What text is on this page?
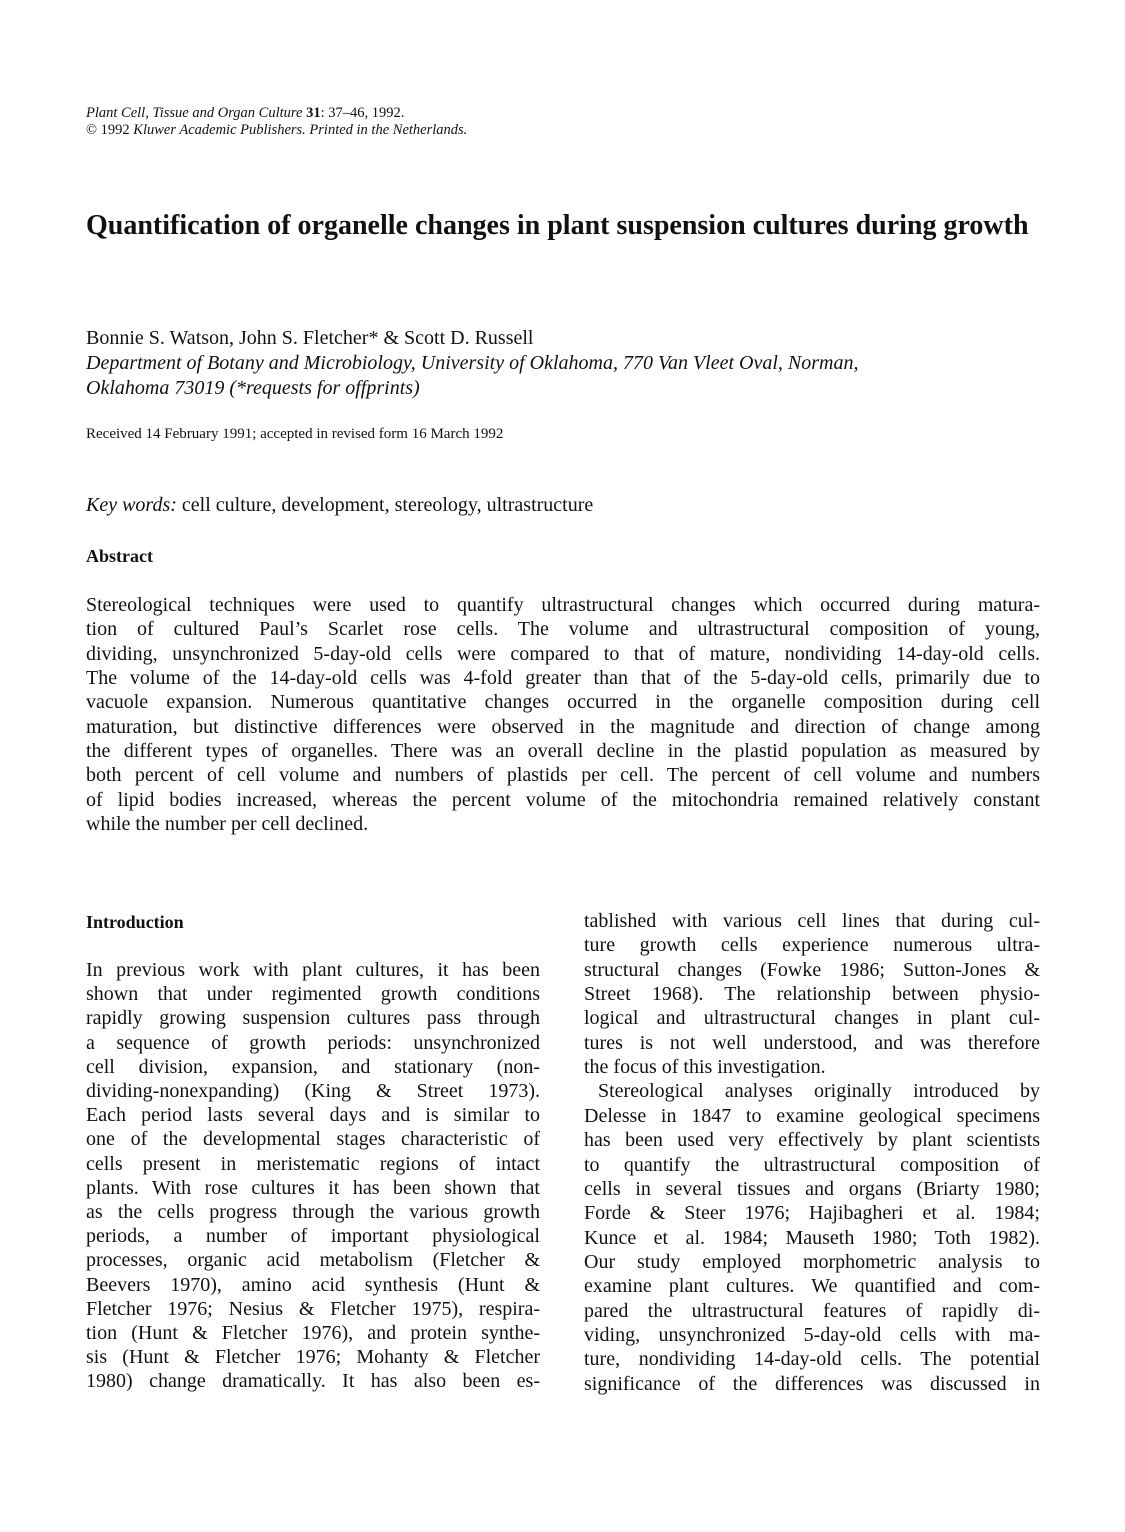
Plant Cell, Tissue and Organ Culture 31: 37–46, 1992.
© 1992 Kluwer Academic Publishers. Printed in the Netherlands.
Quantification of organelle changes in plant suspension cultures during growth
Bonnie S. Watson, John S. Fletcher* & Scott D. Russell
Department of Botany and Microbiology, University of Oklahoma, 770 Van Vleet Oval, Norman,
Oklahoma 73019 (*requests for offprints)
Received 14 February 1991; accepted in revised form 16 March 1992
Key words: cell culture, development, stereology, ultrastructure
Abstract
Stereological techniques were used to quantify ultrastructural changes which occurred during matura-
tion of cultured Paul’s Scarlet rose cells. The volume and ultrastructural composition of young,
dividing, unsynchronized 5-day-old cells were compared to that of mature, nondividing 14-day-old cells.
The volume of the 14-day-old cells was 4-fold greater than that of the 5-day-old cells, primarily due to
vacuole expansion. Numerous quantitative changes occurred in the organelle composition during cell
maturation, but distinctive differences were observed in the magnitude and direction of change among
the different types of organelles. There was an overall decline in the plastid population as measured by
both percent of cell volume and numbers of plastids per cell. The percent of cell volume and numbers
of lipid bodies increased, whereas the percent volume of the mitochondria remained relatively constant
while the number per cell declined.
Introduction
In previous work with plant cultures, it has been
shown that under regimented growth conditions
rapidly growing suspension cultures pass through
a sequence of growth periods: unsynchronized
cell division, expansion, and stationary (non-
dividing-nonexpanding) (King & Street 1973).
Each period lasts several days and is similar to
one of the developmental stages characteristic of
cells present in meristematic regions of intact
plants. With rose cultures it has been shown that
as the cells progress through the various growth
periods, a number of important physiological
processes, organic acid metabolism (Fletcher &
Beevers 1970), amino acid synthesis (Hunt &
Fletcher 1976; Nesius & Fletcher 1975), respira-
tion (Hunt & Fletcher 1976), and protein synthe-
sis (Hunt & Fletcher 1976; Mohanty & Fletcher
1980) change dramatically. It has also been es-
tablished with various cell lines that during cul-
ture growth cells experience numerous ultra-
structural changes (Fowke 1986; Sutton-Jones &
Street 1968). The relationship between physio-
logical and ultrastructural changes in plant cul-
tures is not well understood, and was therefore
the focus of this investigation.
Stereological analyses originally introduced by
Delesse in 1847 to examine geological specimens
has been used very effectively by plant scientists
to quantify the ultrastructural composition of
cells in several tissues and organs (Briarty 1980;
Forde & Steer 1976; Hajibagheri et al. 1984;
Kunce et al. 1984; Mauseth 1980; Toth 1982).
Our study employed morphometric analysis to
examine plant cultures. We quantified and com-
pared the ultrastructural features of rapidly di-
viding, unsynchronized 5-day-old cells with ma-
ture, nondividing 14-day-old cells. The potential
significance of the differences was discussed in
